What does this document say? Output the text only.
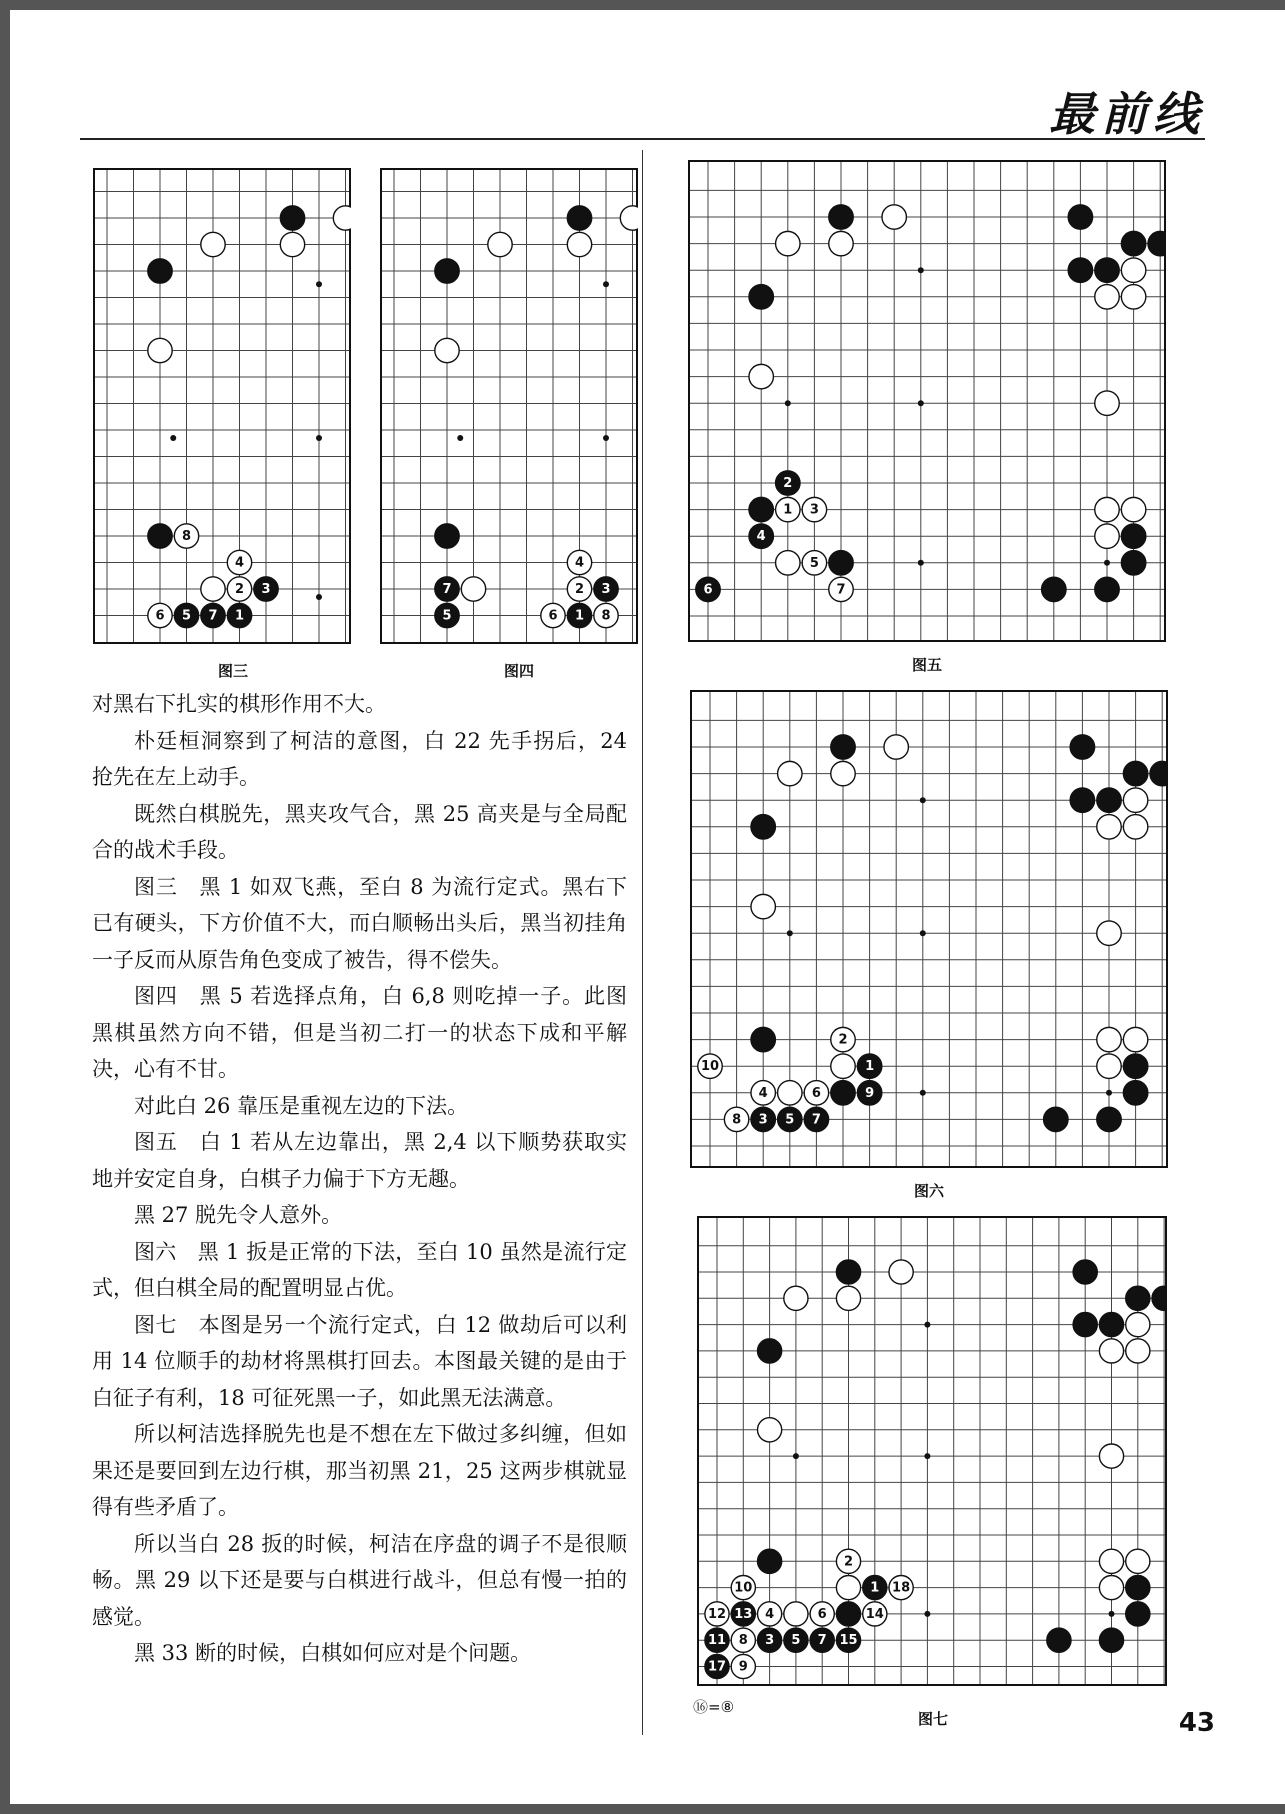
最前线
8
4
2 3
6 5 7 1
图三
4
7	2 3
5	6 1 8
图四
2
1 3
4
5
6	7
图五
2
10	1
4	6	9
8 3 5 7
图六
2
10	1 18
12 13 4	6	14
11 8 3 5 7 15
17 9
⑯=⑧
图七

对黑右下扎实的棋形作用不大。

朴廷桓洞察到了柯洁的意图，白 22 先手拐后，24 抢先在左上动手。

既然白棋脱先，黑夹攻气合，黑 25 高夹是与全局配合的战术手段。

图三　黑 1 如双飞燕，至白 8 为流行定式。黑右下已有硬头，下方价值不大，而白顺畅出头后，黑当初挂角一子反而从原告角色变成了被告，得不偿失。

图四　黑 5 若选择点角，白 6,8 则吃掉一子。此图黑棋虽然方向不错，但是当初二打一的状态下成和平解决，心有不甘。

对此白 26 靠压是重视左边的下法。

图五　白 1 若从左边靠出，黑 2,4 以下顺势获取实地并安定自身，白棋子力偏于下方无趣。

黑 27 脱先令人意外。

图六　黑 1 扳是正常的下法，至白 10 虽然是流行定式，但白棋全局的配置明显占优。

图七　本图是另一个流行定式，白 12 做劫后可以利用 14 位顺手的劫材将黑棋打回去。本图最关键的是由于白征子有利，18 可征死黑一子，如此黑无法满意。

所以柯洁选择脱先也是不想在左下做过多纠缠，但如果还是要回到左边行棋，那当初黑 21，25 这两步棋就显得有些矛盾了。

所以当白 28 扳的时候，柯洁在序盘的调子不是很顺畅。黑 29 以下还是要与白棋进行战斗，但总有慢一拍的感觉。

黑 33 断的时候，白棋如何应对是个问题。

43
